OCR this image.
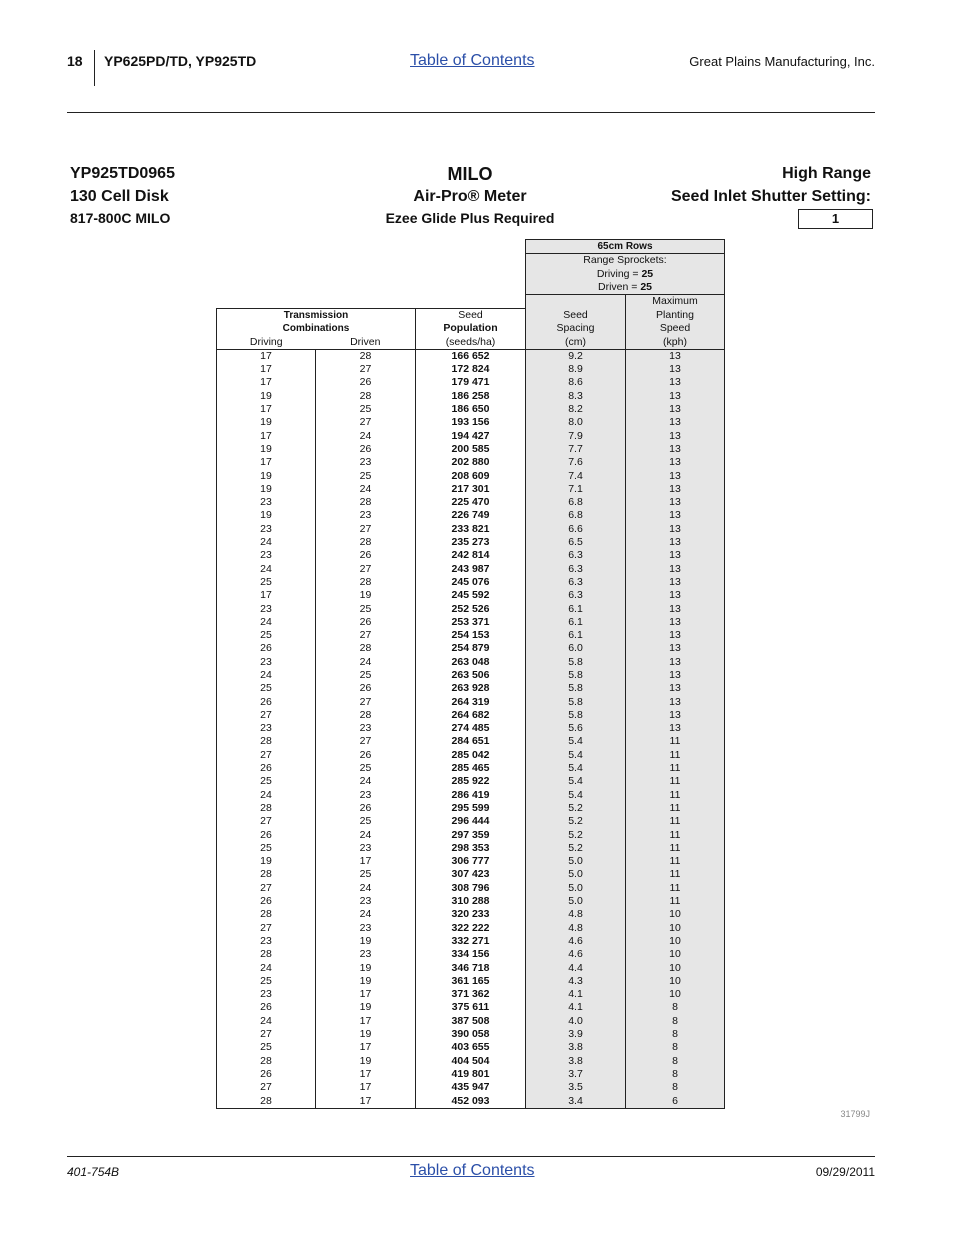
18 YP625PD/TD, YP925TD	Table of Contents	Great Plains Manufacturing, Inc.
YP925TD0965
130 Cell Disk
817-800C MILO
MILO
Air-Pro® Meter
Ezee Glide Plus Required
High Range
Seed Inlet Shutter Setting:
1
			65cm Rows	
			Range Sprockets:	
			Driving = 25	
			Driven = 25	
				Maximum
Transmission		Seed	Seed	Planting
Combinations		Population	Spacing	Speed
Driving	Driven	(seeds/ha)	(cm)	(kph)
17	28	166 652	9.2	13
17	27	172 824	8.9	13
17	26	179 471	8.6	13
19	28	186 258	8.3	13
17	25	186 650	8.2	13
19	27	193 156	8.0	13
17	24	194 427	7.9	13
19	26	200 585	7.7	13
17	23	202 880	7.6	13
19	25	208 609	7.4	13
19	24	217 301	7.1	13
23	28	225 470	6.8	13
19	23	226 749	6.8	13
23	27	233 821	6.6	13
24	28	235 273	6.5	13
23	26	242 814	6.3	13
24	27	243 987	6.3	13
25	28	245 076	6.3	13
17	19	245 592	6.3	13
23	25	252 526	6.1	13
24	26	253 371	6.1	13
25	27	254 153	6.1	13
26	28	254 879	6.0	13
23	24	263 048	5.8	13
24	25	263 506	5.8	13
25	26	263 928	5.8	13
26	27	264 319	5.8	13
27	28	264 682	5.8	13
23	23	274 485	5.6	13
28	27	284 651	5.4	11
27	26	285 042	5.4	11
26	25	285 465	5.4	11
25	24	285 922	5.4	11
24	23	286 419	5.4	11
28	26	295 599	5.2	11
27	25	296 444	5.2	11
26	24	297 359	5.2	11
25	23	298 353	5.2	11
19	17	306 777	5.0	11
28	25	307 423	5.0	11
27	24	308 796	5.0	11
26	23	310 288	5.0	11
28	24	320 233	4.8	10
27	23	322 222	4.8	10
23	19	332 271	4.6	10
28	23	334 156	4.6	10
24	19	346 718	4.4	10
25	19	361 165	4.3	10
23	17	371 362	4.1	10
26	19	375 611	4.1	8
24	17	387 508	4.0	8
27	19	390 058	3.9	8
25	17	403 655	3.8	8
28	19	404 504	3.8	8
26	17	419 801	3.7	8
27	17	435 947	3.5	8
28	17	452 093	3.4	6
31799J
401-754B	Table of Contents	09/29/2011
